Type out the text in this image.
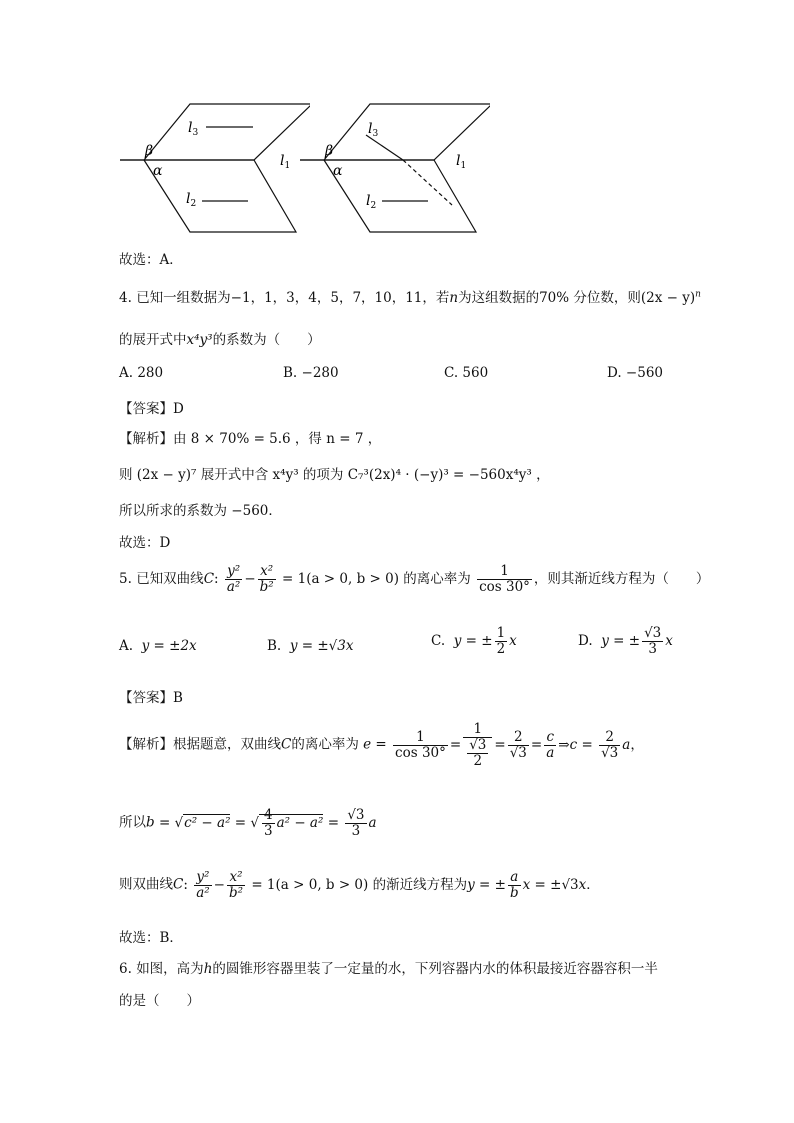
β
α
$l_3$
$l_2$
$l_1$
β
α
$l_3$
$l_2$
$l_1$
故选：A．
4. 已知一组数据为−1，1，3，4，5，7，10，11，若n为这组数据的70% 分位数，则$(2x - y)^n$
的展开式中x⁴y³的系数为（　　）
A. 280	B. −280	C. 560	D. −560
【答案】D
【解析】由 8 × 70% = 5.6 ，得 n = 7 ，
则 (2x − y)⁷ 展开式中含 x⁴y³ 的项为 C₇³(2x)⁴ · (−y)³ = −560x⁴y³ ，
所以所求的系数为 −560．
故选：D
5. 已知双曲线C: $\frac{\text{y²}}{\text{a²}} - \frac{\text{x²}}{\text{b²}} = 1(a > 0$, b > 0) 的离心率为 $\frac{1}{\cos 30^\circ}$ ，则其渐近线方程为（　　）
A. y = ±2x	B. y = ±√3x	C. y = ± $\frac{1}{2}$ x	D. y = ± $\frac{√3}{3}$ x
【答案】B
【解析】根据题意，双曲线C的离心率为 $e = \frac{1}{\cos 30^\circ} = \frac{1}{\frac{√3}{2}} = \frac{2}{√3} = \frac{c}{a}$ ⇒c = $\frac{2}{√3}$ a，
所以b = √c² − a² = √ $\frac{4}{3} a^2 - a^2 = \frac{√3}{3}$ a
则双曲线C: $\frac{\text{y²}}{\text{a²}} - \frac{\text{x²}}{\text{b²}} = 1(a > 0$, b > 0) 的渐近线方程为y = ± $\frac{a}{b}$ x = ±√3x．
故选：B．
6. 如图，高为h的圆锥形容器里装了一定量的水，下列容器内水的体积最接近容器容积一半
的是（　　）
